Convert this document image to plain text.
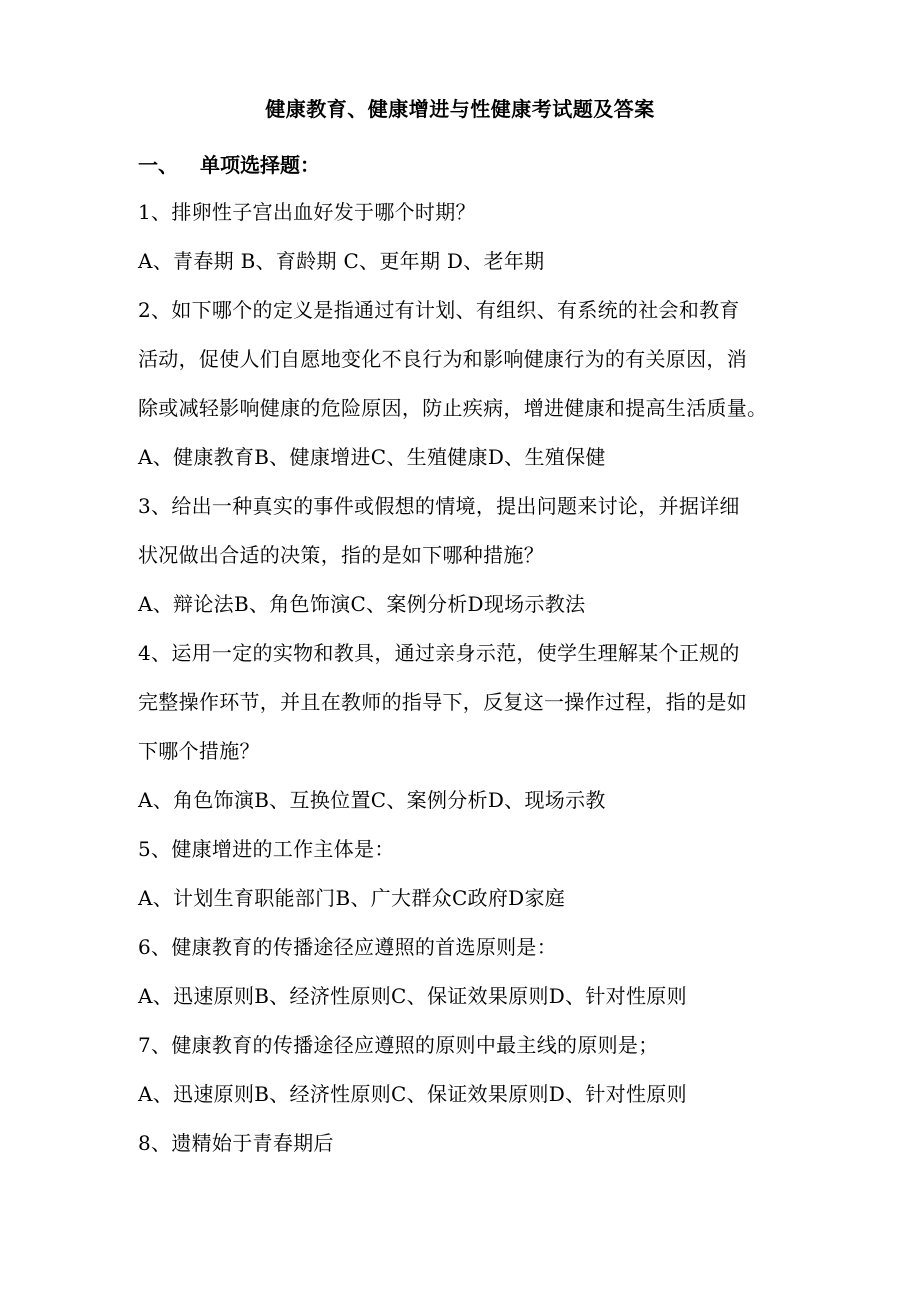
健康教育、健康增进与性健康考试题及答案
一、 单项选择题：
1、排卵性子宫出血好发于哪个时期？
A、青春期 B、育龄期 C、更年期 D、老年期
2、如下哪个的定义是指通过有计划、有组织、有系统的社会和教育
活动，促使人们自愿地变化不良行为和影响健康行为的有关原因，消
除或减轻影响健康的危险原因，防止疾病，增进健康和提高生活质量。
A、健康教育B、健康增进C、生殖健康D、生殖保健
3、给出一种真实的事件或假想的情境，提出问题来讨论，并据详细
状况做出合适的决策，指的是如下哪种措施？
A、辩论法B、角色饰演C、案例分析D现场示教法
4、运用一定的实物和教具，通过亲身示范，使学生理解某个正规的
完整操作环节，并且在教师的指导下，反复这一操作过程，指的是如
下哪个措施？
A、角色饰演B、互换位置C、案例分析D、现场示教
5、健康增进的工作主体是：
A、计划生育职能部门B、广大群众C政府D家庭
6、健康教育的传播途径应遵照的首选原则是：
A、迅速原则B、经济性原则C、保证效果原则D、针对性原则
7、健康教育的传播途径应遵照的原则中最主线的原则是；
A、迅速原则B、经济性原则C、保证效果原则D、针对性原则
8、遗精始于青春期后
